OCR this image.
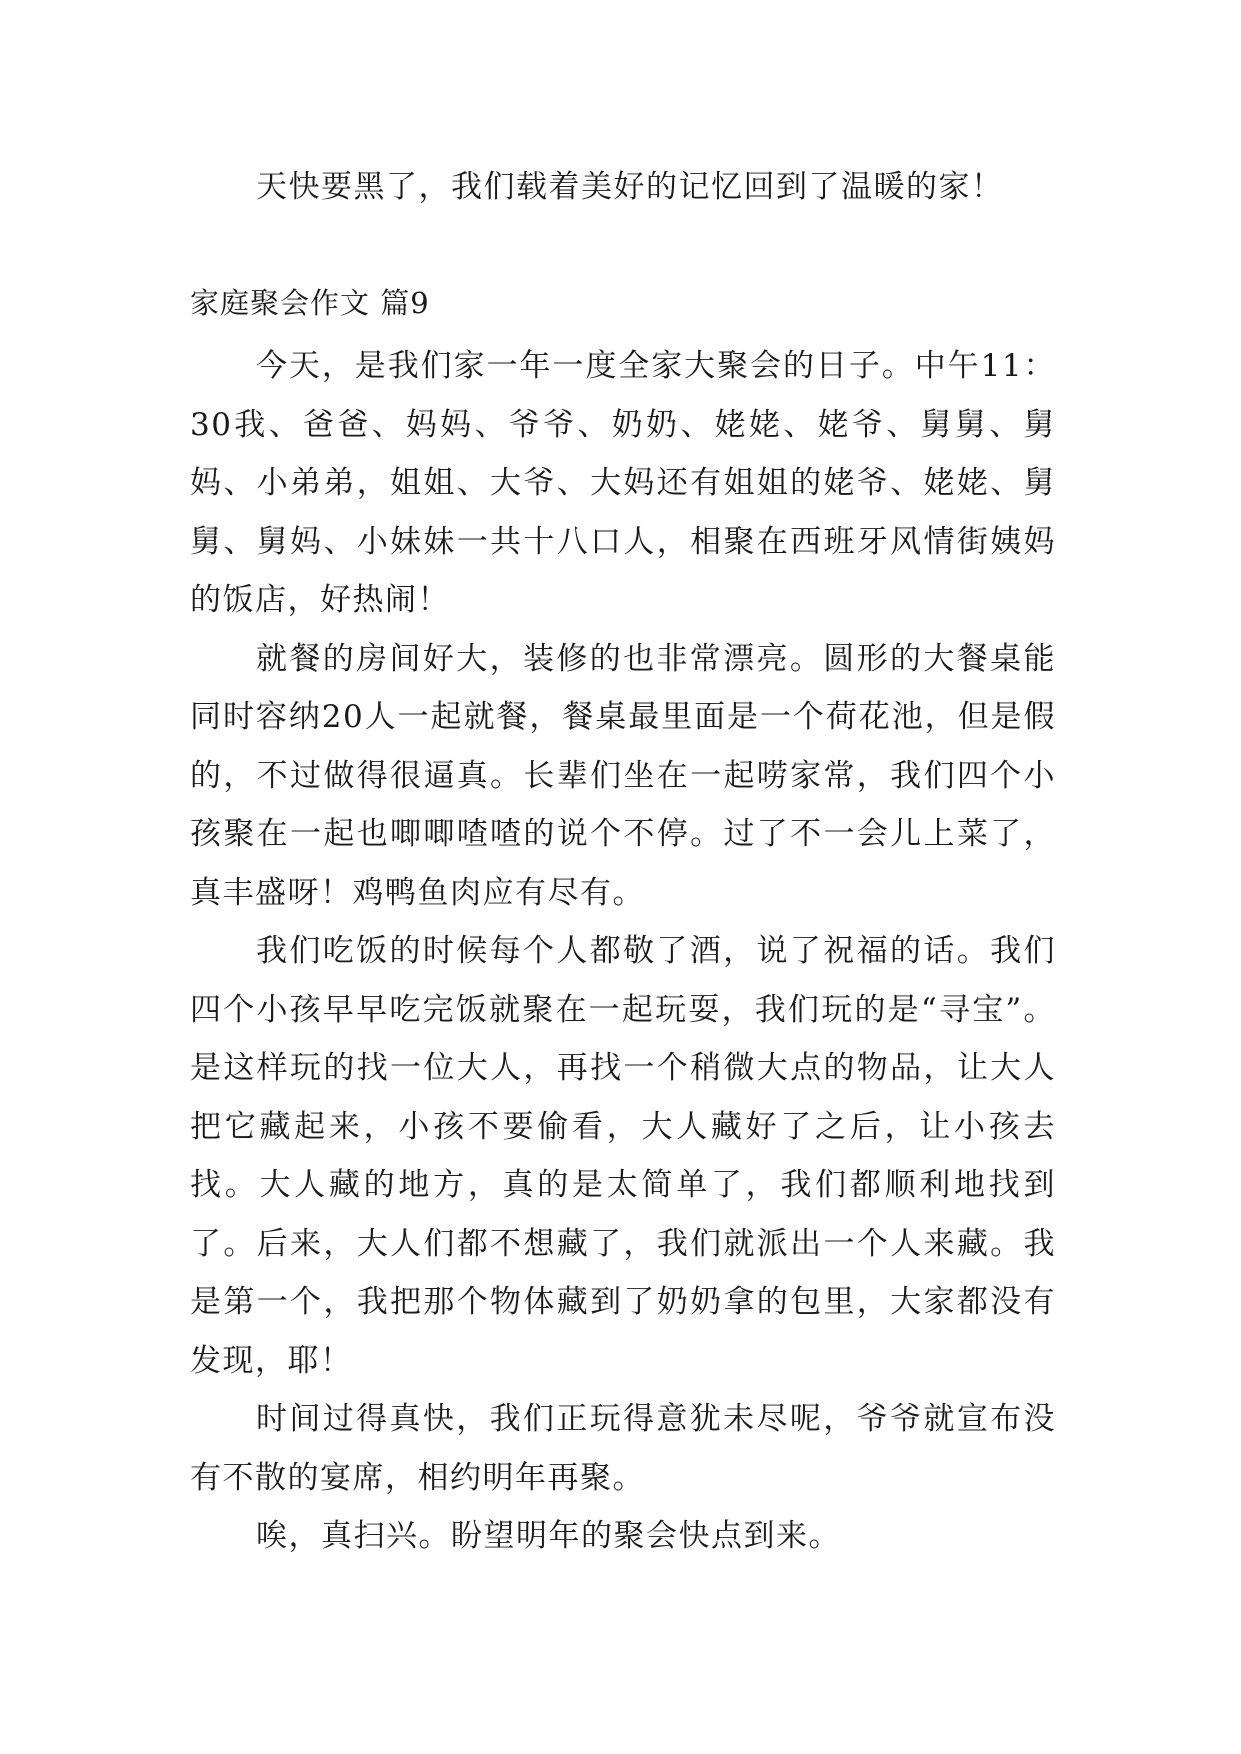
天快要黑了，我们载着美好的记忆回到了温暖的家！

家庭聚会作文 篇9

今天，是我们家一年一度全家大聚会的日子。中午11：30我、爸爸、妈妈、爷爷、奶奶、姥姥、姥爷、舅舅、舅妈、小弟弟，姐姐、大爷、大妈还有姐姐的姥爷、姥姥、舅舅、舅妈、小妹妹一共十八口人，相聚在西班牙风情街姨妈的饭店，好热闹！

就餐的房间好大，装修的也非常漂亮。圆形的大餐桌能同时容纳20人一起就餐，餐桌最里面是一个荷花池，但是假的，不过做得很逼真。长辈们坐在一起唠家常，我们四个小孩聚在一起也唧唧喳喳的说个不停。过了不一会儿上菜了，真丰盛呀！鸡鸭鱼肉应有尽有。

我们吃饭的时候每个人都敬了酒，说了祝福的话。我们四个小孩早早吃完饭就聚在一起玩耍，我们玩的是“寻宝”。是这样玩的找一位大人，再找一个稍微大点的物品，让大人把它藏起来，小孩不要偷看，大人藏好了之后，让小孩去找。大人藏的地方，真的是太简单了，我们都顺利地找到了。后来，大人们都不想藏了，我们就派出一个人来藏。我是第一个，我把那个物体藏到了奶奶拿的包里，大家都没有发现，耶！

时间过得真快，我们正玩得意犹未尽呢，爷爷就宣布没有不散的宴席，相约明年再聚。

唉，真扫兴。盼望明年的聚会快点到来。
